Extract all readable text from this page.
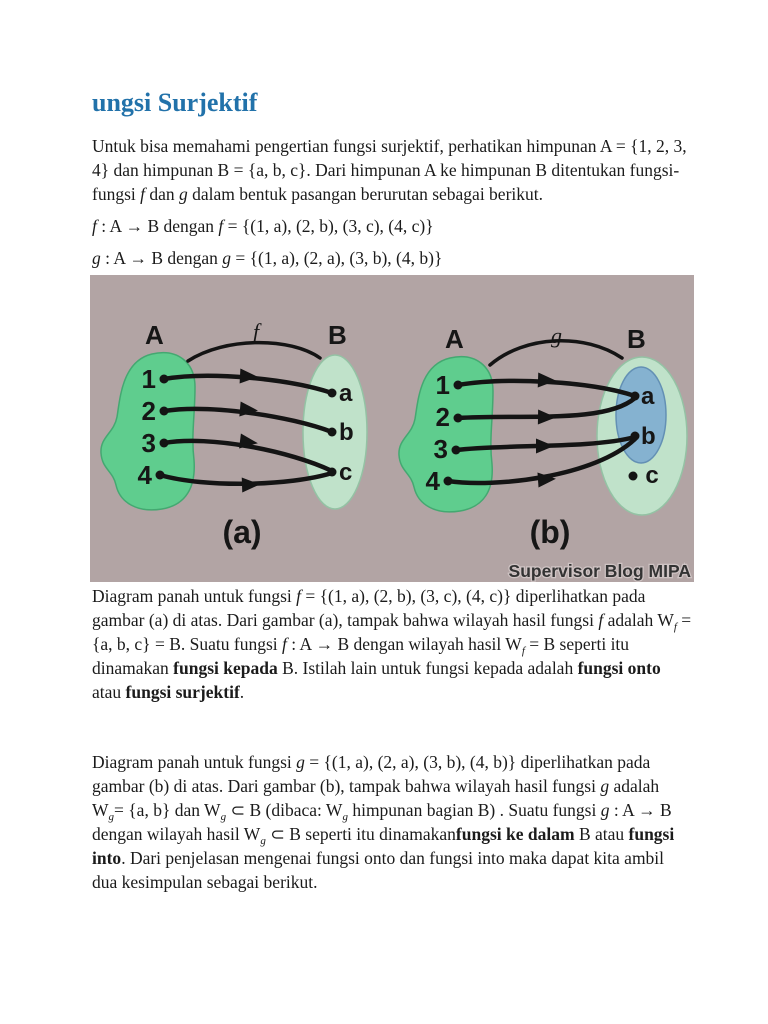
ungsi Surjektif

Untuk bisa memahami pengertian fungsi surjektif, perhatikan himpunan A = {1, 2, 3, 4} dan himpunan B = {a, b, c}. Dari himpunan A ke himpunan B ditentukan fungsi-fungsi f dan g dalam bentuk pasangan berurutan sebagai berikut.

f : A → B dengan f = {(1, a), (2, b), (3, c), (4, c)}

g : A → B dengan g = {(1, a), (2, a), (3, b), (4, b)}

A	f	B
1
2
3
4
a
b
c
(a)
A	g	B
1
2
3
4
a
b
c
(b)
Supervisor Blog MIPA

Diagram panah untuk fungsi f = {(1, a), (2, b), (3, c), (4, c)} diperlihatkan pada gambar (a) di atas. Dari gambar (a), tampak bahwa wilayah hasil fungsi f adalah $W_f = \{a$, b, c} = B. Suatu fungsi f : A → B dengan wilayah hasil $W_f = B$ seperti itu dinamakan fungsi kepada B. Istilah lain untuk fungsi kepada adalah fungsi onto atau fungsi surjektif.

Diagram panah untuk fungsi g = {(1, a), (2, a), (3, b), (4, b)} diperlihatkan pada gambar (b) di atas. Dari gambar (b), tampak bahwa wilayah hasil fungsi g adalah $W_g= \{a$, b} dan $W_g$ ⊂ B (dibaca: $W_g$ himpunan bagian B) . Suatu fungsi g : A → B dengan wilayah hasil $W_g$ ⊂ B seperti itu dinamakanfungsi ke dalam B atau fungsi into. Dari penjelasan mengenai fungsi onto dan fungsi into maka dapat kita ambil dua kesimpulan sebagai berikut.
